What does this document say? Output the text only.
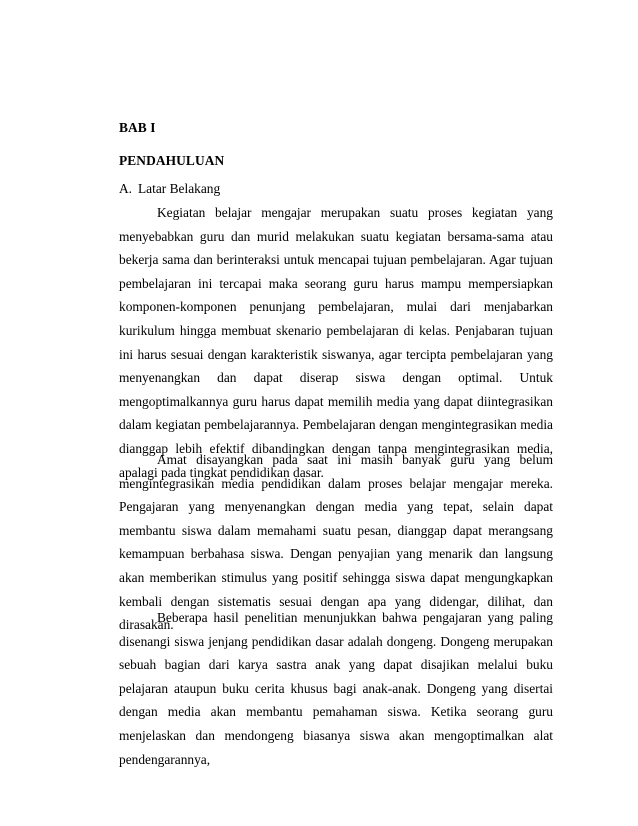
BAB I
PENDAHULUAN
A. Latar Belakang

Kegiatan belajar mengajar merupakan suatu proses kegiatan yang menyebabkan guru dan murid melakukan suatu kegiatan bersama-sama atau bekerja sama dan berinteraksi untuk mencapai tujuan pembelajaran. Agar tujuan pembelajaran ini tercapai maka seorang guru harus mampu mempersiapkan komponen-komponen penunjang pembelajaran, mulai dari menjabarkan kurikulum hingga membuat skenario pembelajaran di kelas. Penjabaran tujuan ini harus sesuai dengan karakteristik siswanya, agar tercipta pembelajaran yang menyenangkan dan dapat diserap siswa dengan optimal. Untuk mengoptimalkannya guru harus dapat memilih media yang dapat diintegrasikan dalam kegiatan pembelajarannya. Pembelajaran dengan mengintegrasikan media dianggap lebih efektif dibandingkan dengan tanpa mengintegrasikan media, apalagi pada tingkat pendidikan dasar.

Amat disayangkan pada saat ini masih banyak guru yang belum mengintegrasikan media pendidikan dalam proses belajar mengajar mereka. Pengajaran yang menyenangkan dengan media yang tepat, selain dapat membantu siswa dalam memahami suatu pesan, dianggap dapat merangsang kemampuan berbahasa siswa. Dengan penyajian yang menarik dan langsung akan memberikan stimulus yang positif sehingga siswa dapat mengungkapkan kembali dengan sistematis sesuai dengan apa yang didengar, dilihat, dan dirasakan.

Beberapa hasil penelitian menunjukkan bahwa pengajaran yang paling disenangi siswa jenjang pendidikan dasar adalah dongeng. Dongeng merupakan sebuah bagian dari karya sastra anak yang dapat disajikan melalui buku pelajaran ataupun buku cerita khusus bagi anak-anak. Dongeng yang disertai dengan media akan membantu pemahaman siswa. Ketika seorang guru menjelaskan dan mendongeng biasanya siswa akan mengoptimalkan alat pendengarannya,
